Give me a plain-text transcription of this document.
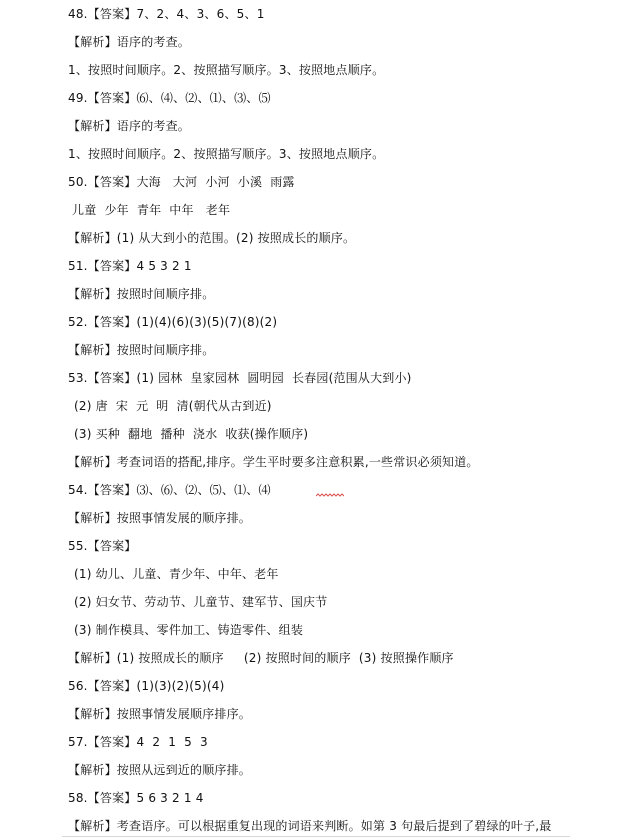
48.【答案】7、2、4、3、6、5、1
【解析】语序的考查。
1、按照时间顺序。2、按照描写顺序。3、按照地点顺序。
49.【答案】⑹、⑷、⑵、⑴、⑶、⑸
【解析】语序的考查。
1、按照时间顺序。2、按照描写顺序。3、按照地点顺序。
50.【答案】大海   大河  小河  小溪  雨露
儿童  少年  青年  中年   老年
【解析】(1) 从大到小的范围。(2) 按照成长的顺序。
51.【答案】4 5 3 2 1
【解析】按照时间顺序排。
52.【答案】(1)(4)(6)(3)(5)(7)(8)(2)
【解析】按照时间顺序排。
53.【答案】(1) 园林  皇家园林  圆明园  长春园(范围从大到小)
(2) 唐  宋  元  明  清(朝代从古到近)
(3) 买种  翻地  播种  浇水  收获(操作顺序)
【解析】考查词语的搭配,排序。学生平时要多注意积累,一些常识必须知道。
54.【答案】⑶、⑹、⑵、⑸、⑴、⑷
【解析】按照事情发展的顺序排。
55.【答案】
(1) 幼儿、儿童、青少年、中年、老年
(2) 妇女节、劳动节、儿童节、建军节、国庆节
(3) 制作模具、零件加工、铸造零件、组装
【解析】(1) 按照成长的顺序     (2) 按照时间的顺序  (3) 按照操作顺序
56.【答案】(1)(3)(2)(5)(4)
【解析】按照事情发展顺序排序。
57.【答案】4  2  1  5  3
【解析】按照从远到近的顺序排。
58.【答案】5 6 3 2 1 4
【解析】考查语序。可以根据重复出现的词语来判断。如第 3 句最后提到了碧绿的叶子,最
